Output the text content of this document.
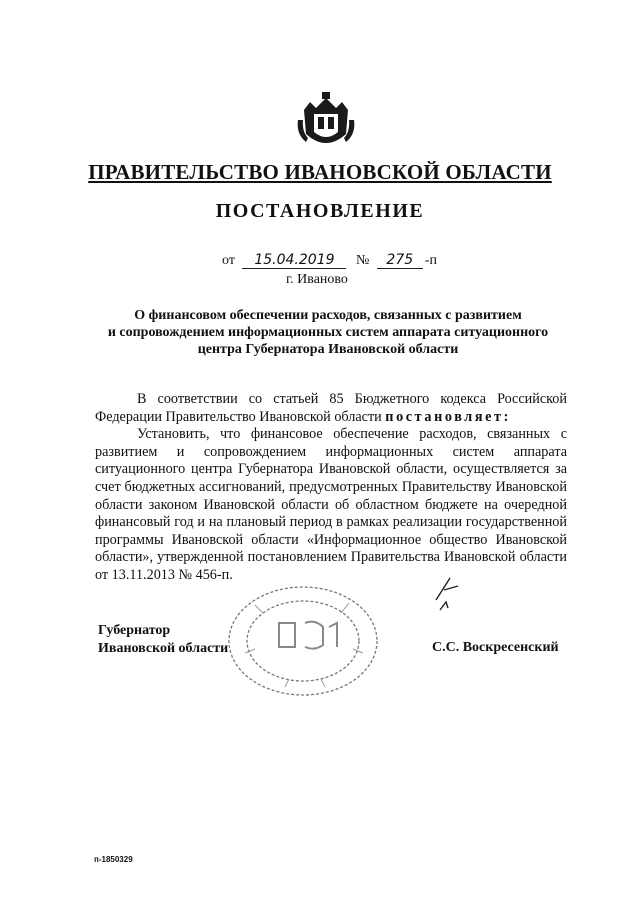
ПРАВИТЕЛЬСТВО ИВАНОВСКОЙ ОБЛАСТИ
ПОСТАНОВЛЕНИЕ
от 15.04.2019 № 275 -п
г. Иваново
О финансовом обеспечении расходов, связанных с развитием
и сопровождением информационных систем аппарата ситуационного
центра Губернатора Ивановской области

В соответствии со статьей 85 Бюджетного кодекса Российской Федерации Правительство Ивановской области постановляет:

Установить, что финансовое обеспечение расходов, связанных с развитием и сопровождением информационных систем аппарата ситуационного центра Губернатора Ивановской области, осуществляется за счет бюджетных ассигнований, предусмотренных Правительству Ивановской области законом Ивановской области об областном бюджете на очередной финансовый год и на плановый период в рамках реализации государственной программы Ивановской области «Информационное общество Ивановской области», утвержденной постановлением Правительства Ивановской области от 13.11.2013 № 456-п.

Губернатор
Ивановской области	С.С. Воскресенский
п-1850329
